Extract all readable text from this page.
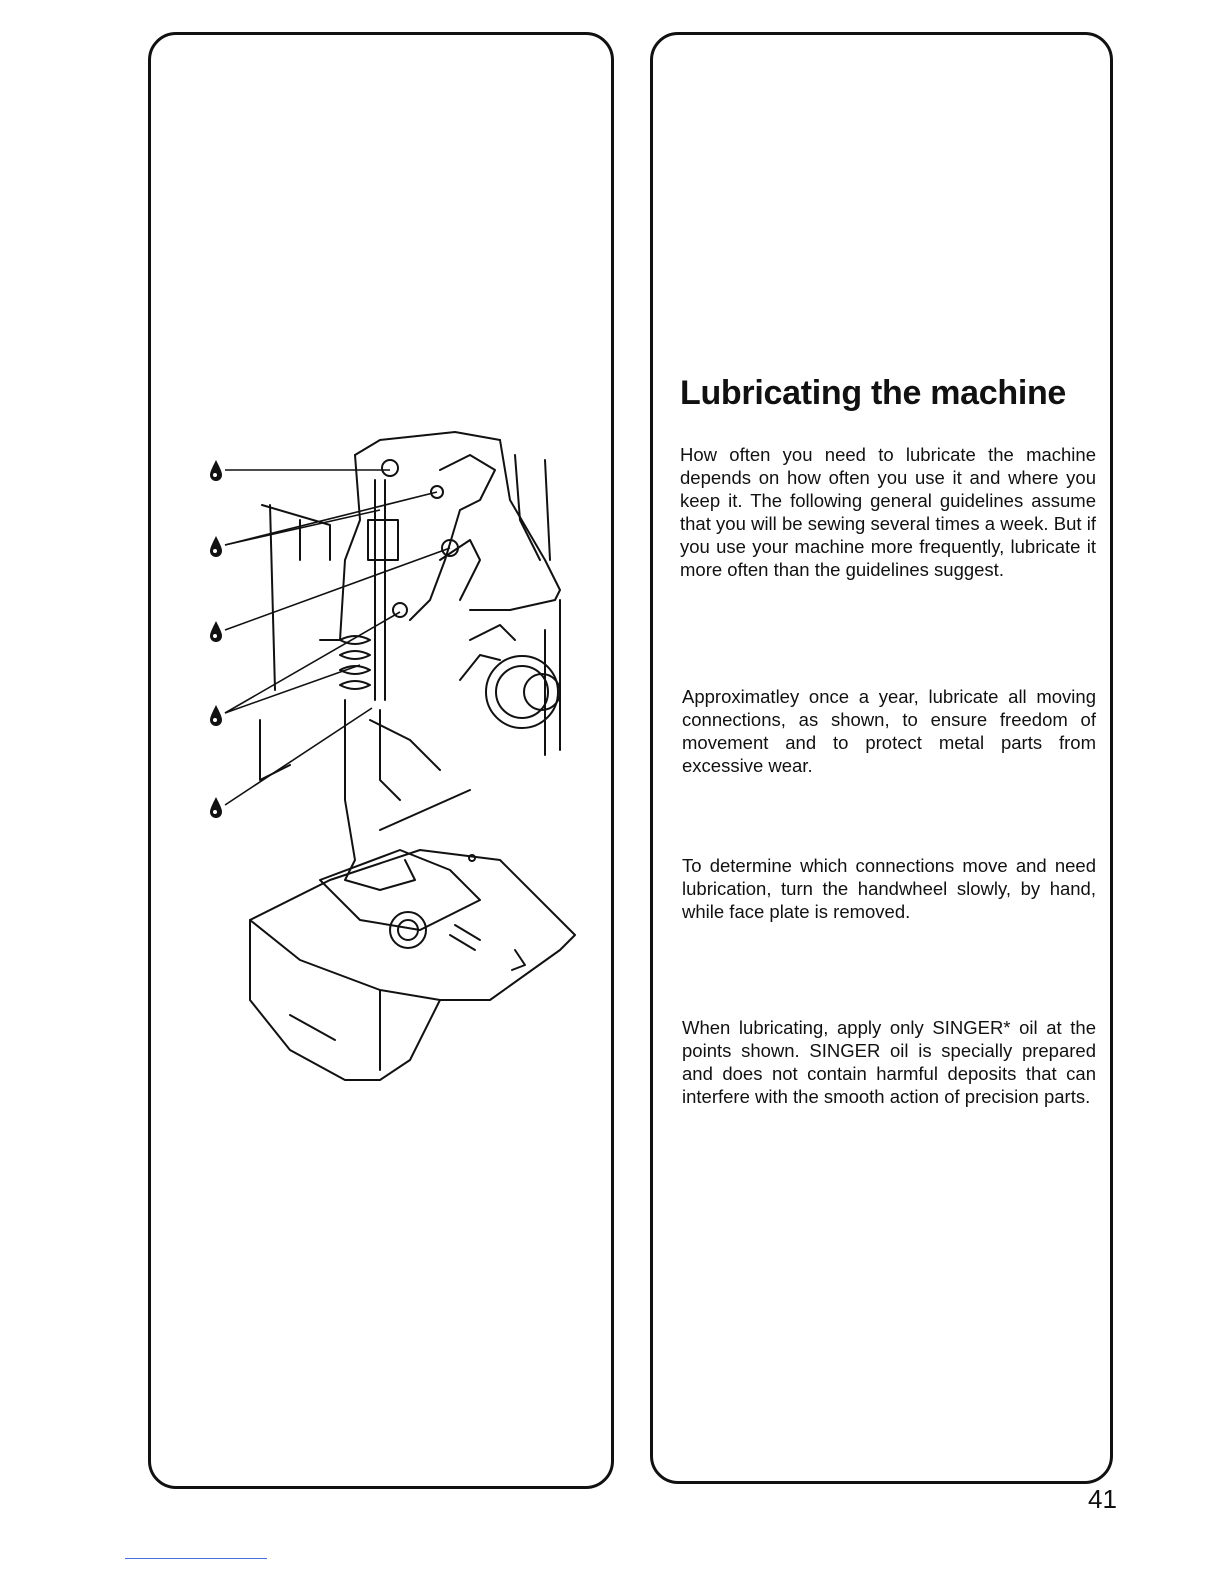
Lubricating the machine

How often you need to lubricate the machine depends on how often you use it and where you keep it. The following general guidelines assume that you will be sewing several times a week. But if you use your machine more frequently, lubricate it more often than the guidelines suggest.

Approximatley once a year, lubricate all moving connections, as shown, to ensure freedom of movement and to protect metal parts from excessive wear.

To determine which connections move and need lubrication, turn the handwheel slowly, by hand, while face plate is removed.

When lubricating, apply only SINGER* oil at the points shown. SINGER oil is specially prepared and does not contain harmful deposits that can interfere with the smooth action of precision parts.

41
